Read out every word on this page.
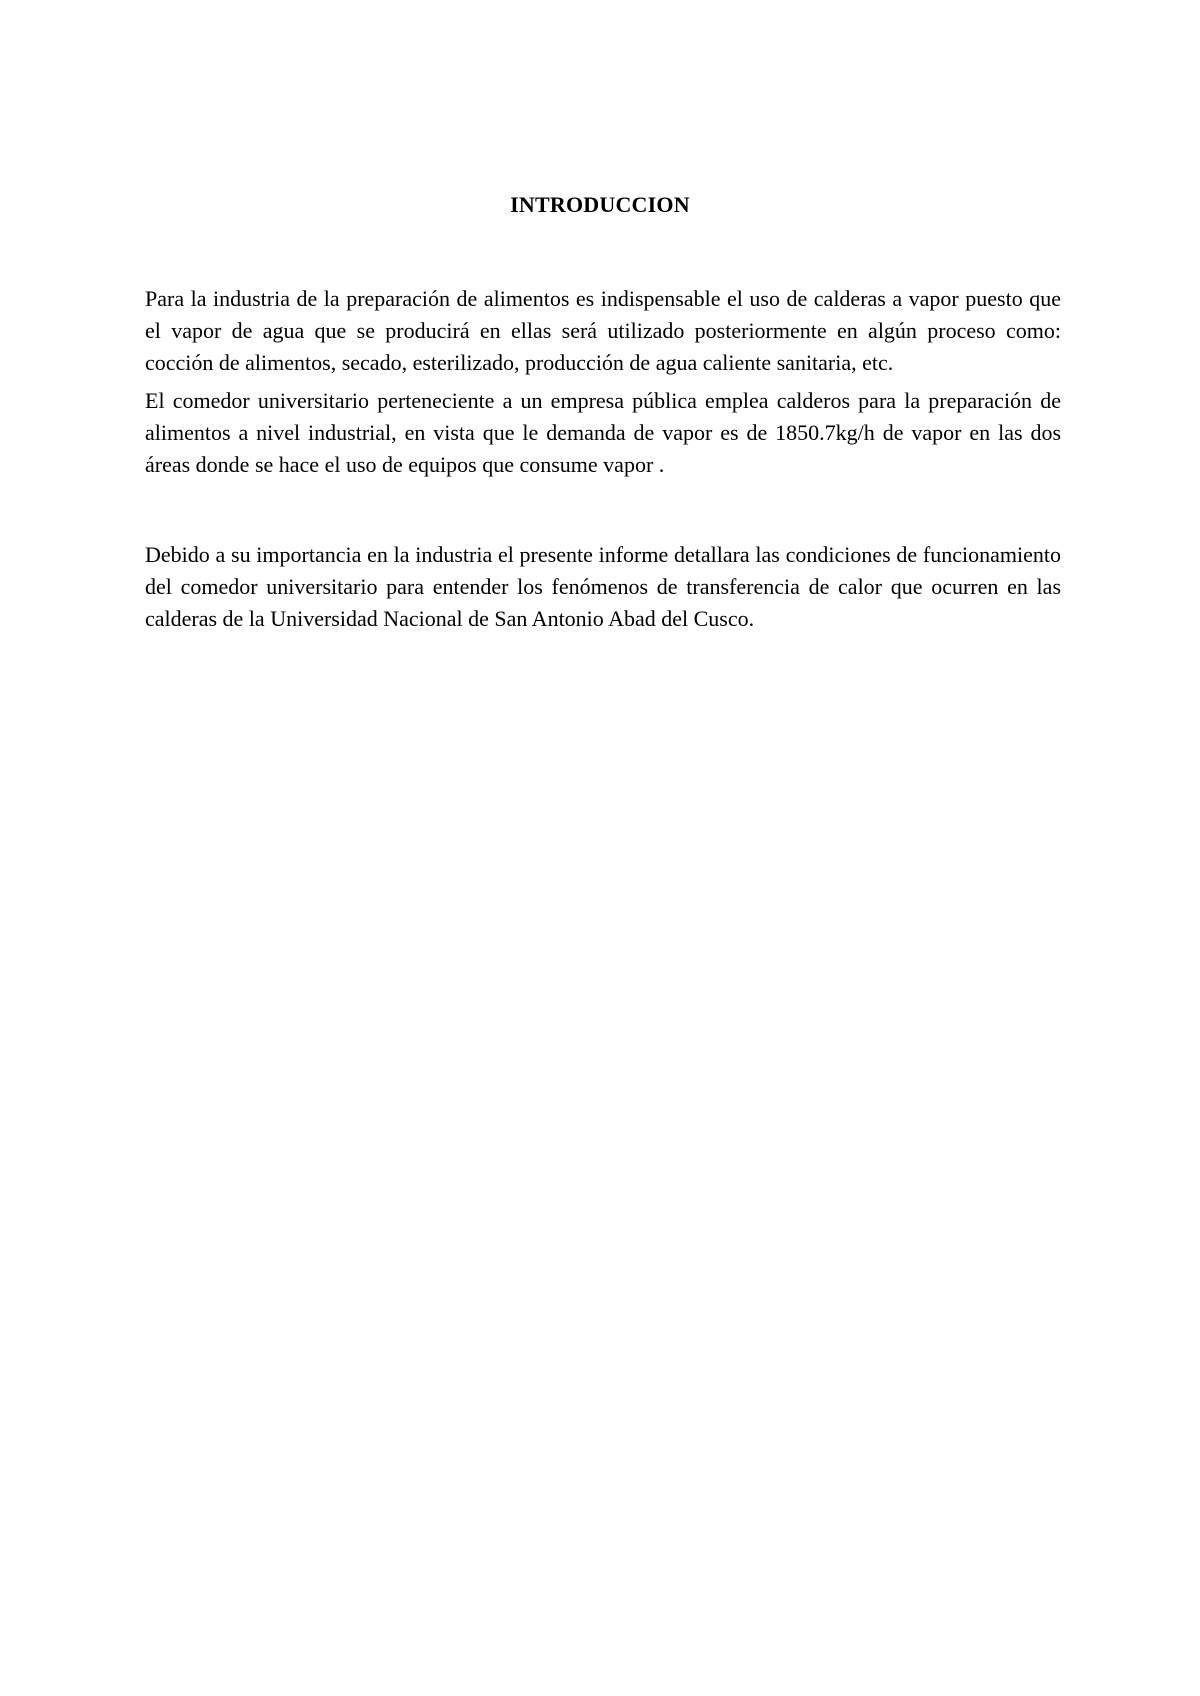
INTRODUCCION

Para la industria de la preparación de alimentos es indispensable el uso de calderas a vapor puesto que el vapor de agua que se producirá en ellas será utilizado posteriormente en algún proceso como: cocción de alimentos, secado, esterilizado, producción de agua caliente sanitaria, etc.

El comedor universitario perteneciente a un empresa pública emplea calderos para la preparación de alimentos a nivel industrial, en vista que le demanda de vapor es de 1850.7kg/h de vapor en las dos áreas donde se hace el uso de equipos que consume vapor .

Debido a su importancia en la industria el presente informe detallara las condiciones de funcionamiento del comedor universitario para entender los fenómenos de transferencia de calor que ocurren en las calderas de la Universidad Nacional de San Antonio Abad del Cusco.
